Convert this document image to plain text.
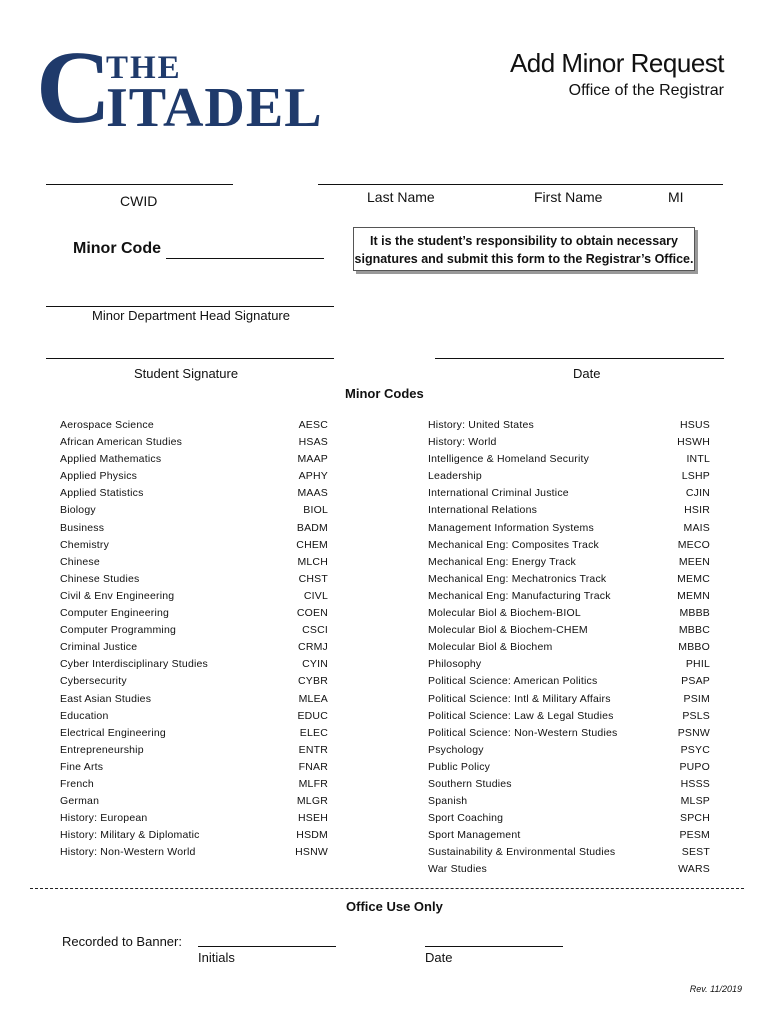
C
THE
ITADEL
Add Minor Request
Office of the Registrar
CWID	Last Name	First Name	MI
Minor Code	It is the student’s responsibility to obtain necessary
signatures and submit this form to the Registrar’s Office.
Minor Department Head Signature
Student Signature	Date
Minor Codes
Aerospace Science	AESC
African American Studies	HSAS
Applied Mathematics	MAAP
Applied Physics	APHY
Applied Statistics	MAAS
Biology	BIOL
Business	BADM
Chemistry	CHEM
Chinese	MLCH
Chinese Studies	CHST
Civil & Env Engineering	CIVL
Computer Engineering	COEN
Computer Programming	CSCI
Criminal Justice	CRMJ
Cyber Interdisciplinary Studies	CYIN
Cybersecurity	CYBR
East Asian Studies	MLEA
Education	EDUC
Electrical Engineering	ELEC
Entrepreneurship	ENTR
Fine Arts	FNAR
French	MLFR
German	MLGR
History: European	HSEH
History: Military & Diplomatic	HSDM
History: Non-Western World	HSNW
History: United States	HSUS
History: World	HSWH
Intelligence & Homeland Security	INTL
Leadership	LSHP
International Criminal Justice	CJIN
International Relations	HSIR
Management Information Systems	MAIS
Mechanical Eng: Composites Track	MECO
Mechanical Eng: Energy Track	MEEN
Mechanical Eng: Mechatronics Track	MEMC
Mechanical Eng: Manufacturing Track	MEMN
Molecular Biol & Biochem-BIOL	MBBB
Molecular Biol & Biochem-CHEM	MBBC
Molecular Biol & Biochem	MBBO
Philosophy	PHIL
Political Science: American Politics	PSAP
Political Science: Intl & Military Affairs	PSIM
Political Science: Law & Legal Studies	PSLS
Political Science: Non-Western Studies	PSNW
Psychology	PSYC
Public Policy	PUPO
Southern Studies	HSSS
Spanish	MLSP
Sport Coaching	SPCH
Sport Management	PESM
Sustainability & Environmental Studies	SEST
War Studies	WARS
Office Use Only
Recorded to Banner:
Initials	Date
Rev. 11/2019
